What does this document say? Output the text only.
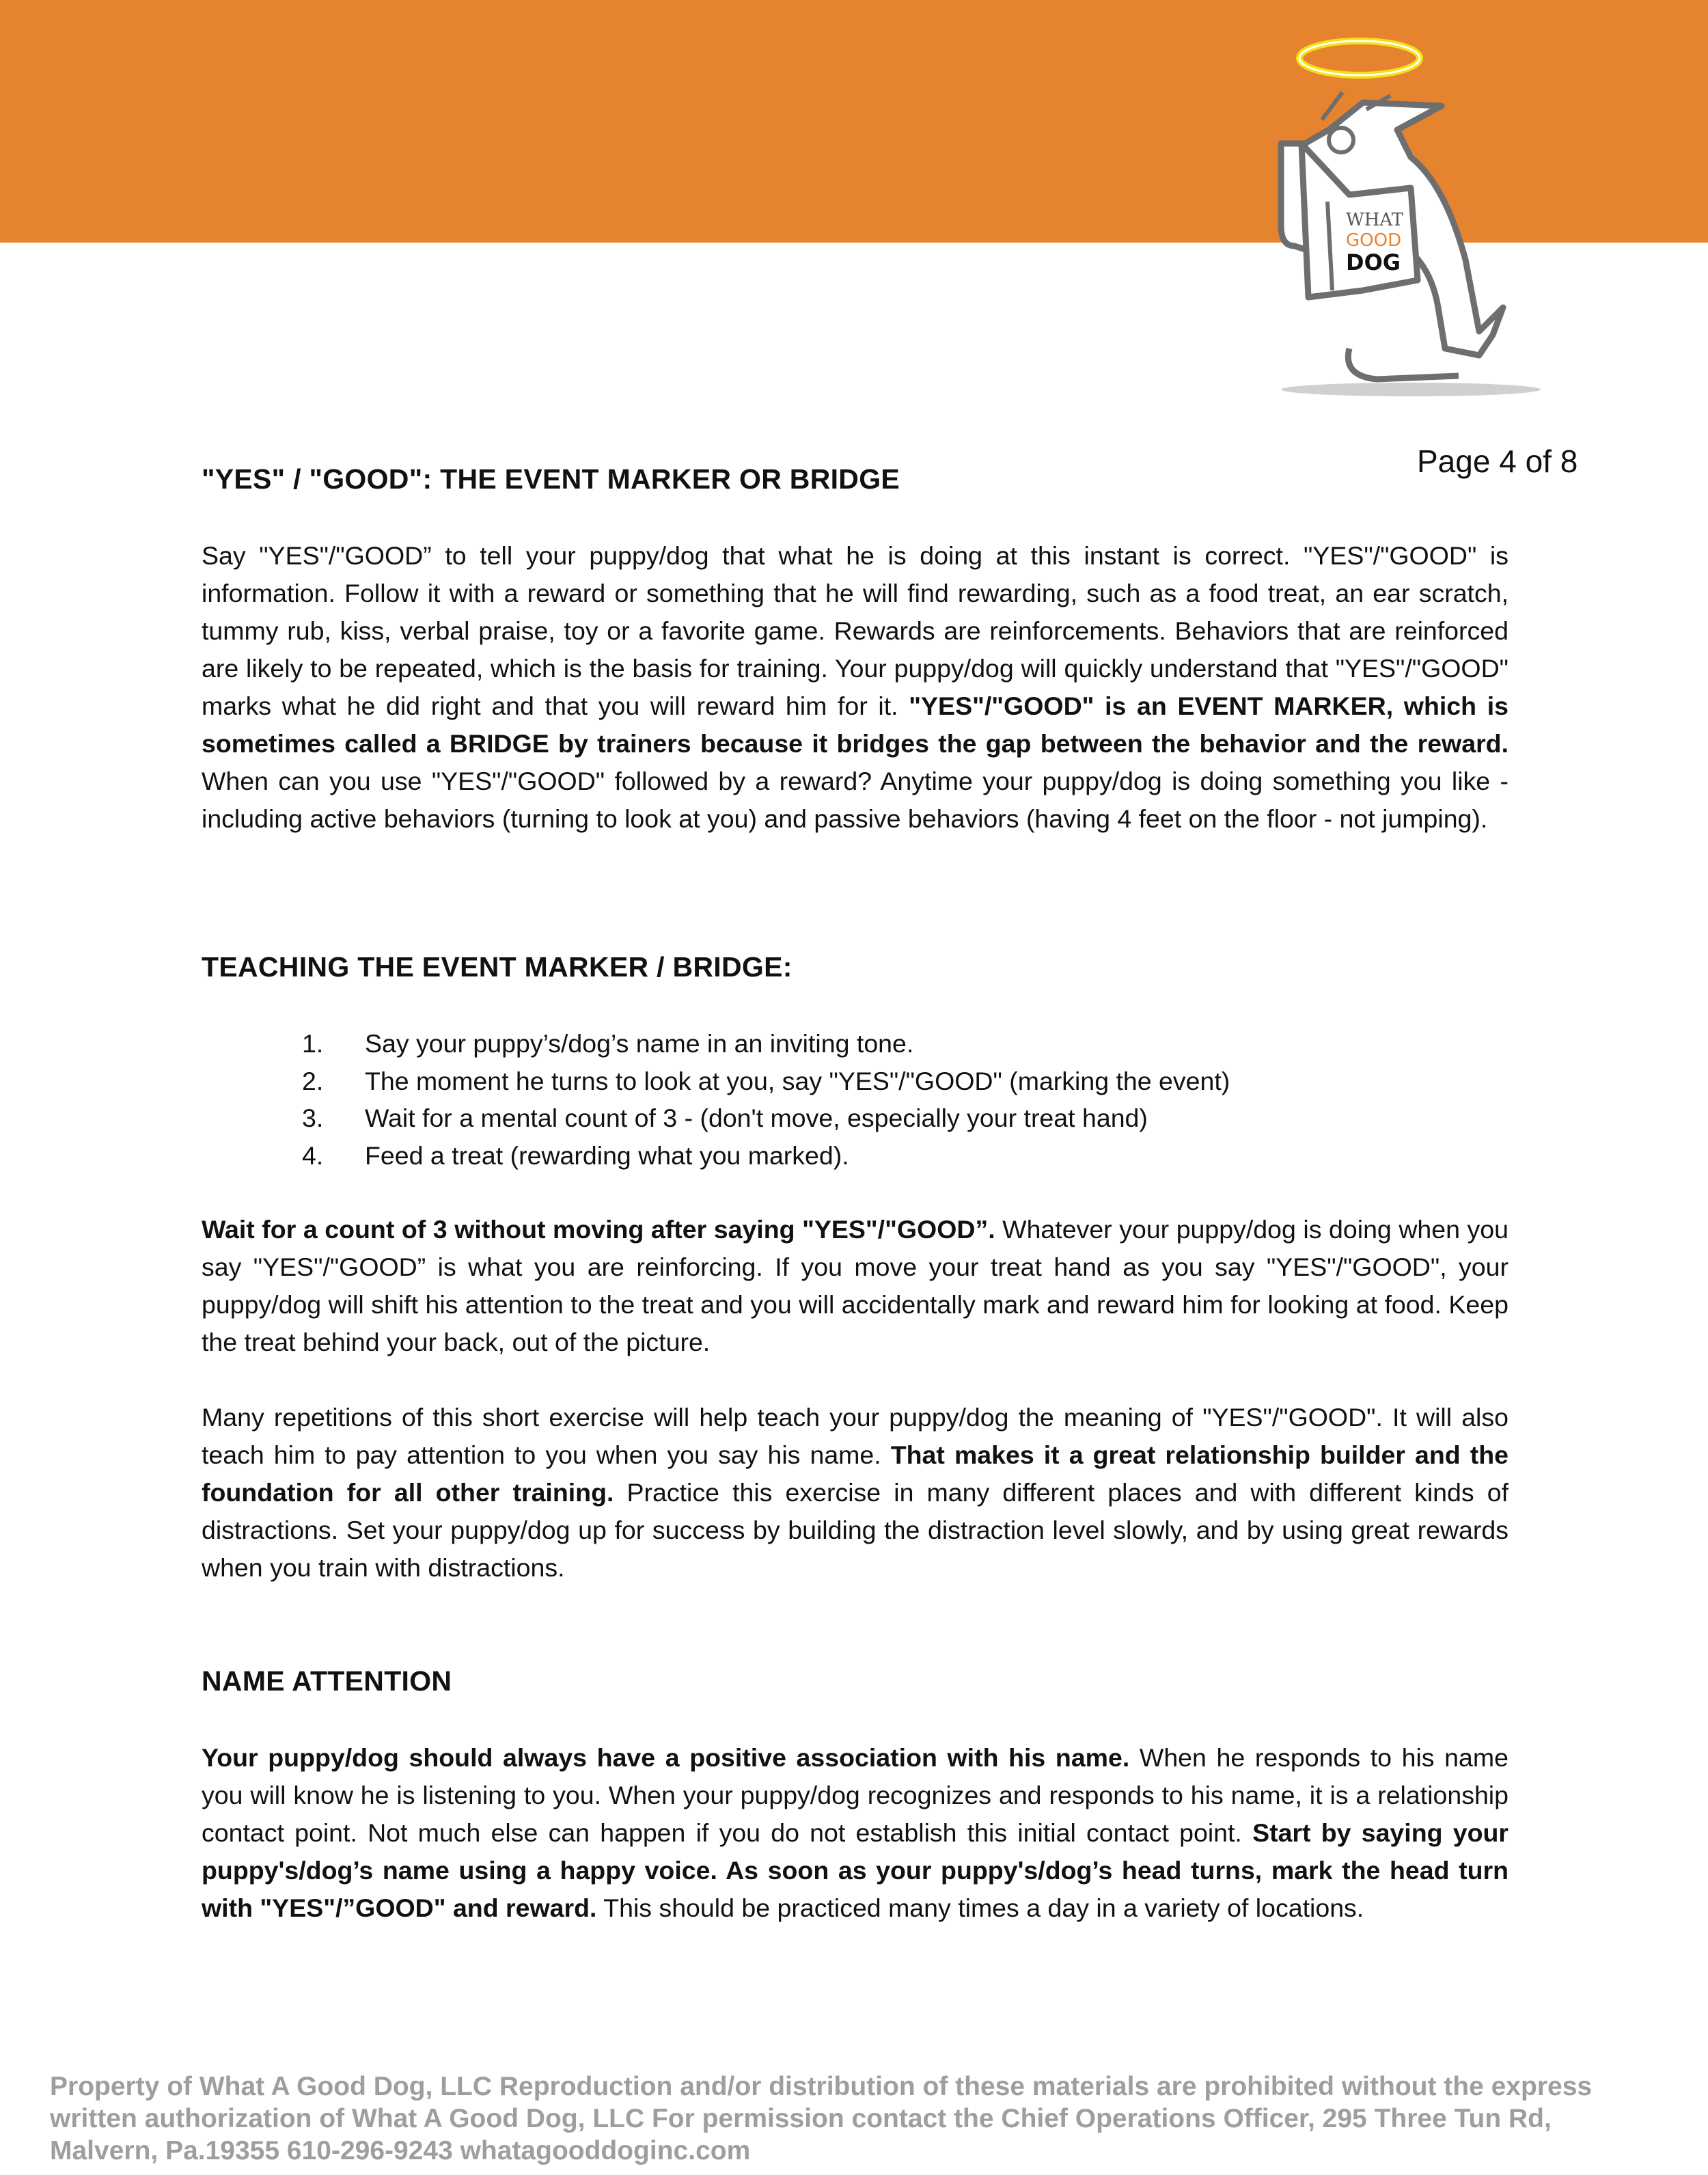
WHAT
GOOD
DOG
Page 4 of 8
"YES" / "GOOD": THE EVENT MARKER OR BRIDGE
Say "YES"/"GOOD” to tell your puppy/dog that what he is doing at this instant is correct. "YES"/"GOOD" is information. Follow it with a reward or something that he will find rewarding, such as a food treat, an ear scratch, tummy rub, kiss, verbal praise, toy or a favorite game. Rewards are reinforcements. Behaviors that are reinforced are likely to be repeated, which is the basis for training. Your puppy/dog will quickly understand that "YES"/"GOOD" marks what he did right and that you will reward him for it. "YES"/"GOOD" is an EVENT MARKER, which is sometimes called a BRIDGE by trainers because it bridges the gap between the behavior and the reward. When can you use "YES"/"GOOD" followed by a reward? Anytime your puppy/dog is doing something you like - including active behaviors (turning to look at you) and passive behaviors (having 4 feet on the floor - not jumping).
TEACHING THE EVENT MARKER / BRIDGE:
1.	Say your puppy’s/dog’s name in an inviting tone.
2.	The moment he turns to look at you, say "YES"/"GOOD" (marking the event)
3.	Wait for a mental count of 3 - (don't move, especially your treat hand)
4.	Feed a treat (rewarding what you marked).
Wait for a count of 3 without moving after saying "YES"/"GOOD”. Whatever your puppy/dog is doing when you say "YES"/"GOOD” is what you are reinforcing. If you move your treat hand as you say "YES"/"GOOD", your puppy/dog will shift his attention to the treat and you will accidentally mark and reward him for looking at food. Keep the treat behind your back, out of the picture.
Many repetitions of this short exercise will help teach your puppy/dog the meaning of "YES"/"GOOD". It will also teach him to pay attention to you when you say his name. That makes it a great relationship builder and the foundation for all other training. Practice this exercise in many different places and with different kinds of distractions. Set your puppy/dog up for success by building the distraction level slowly, and by using great rewards when you train with distractions.
NAME ATTENTION
Your puppy/dog should always have a positive association with his name. When he responds to his name you will know he is listening to you. When your puppy/dog recognizes and responds to his name, it is a relationship contact point. Not much else can happen if you do not establish this initial contact point. Start by saying your puppy's/dog’s name using a happy voice. As soon as your puppy's/dog’s head turns, mark the head turn with "YES"/”GOOD" and reward. This should be practiced many times a day in a variety of locations.
Property of What A Good Dog, LLC Reproduction and/or distribution of these materials are prohibited without the express written authorization of What A Good Dog, LLC For permission contact the Chief Operations Officer, 295 Three Tun Rd, Malvern, Pa.19355 610-296-9243 whatagooddoginc.com
